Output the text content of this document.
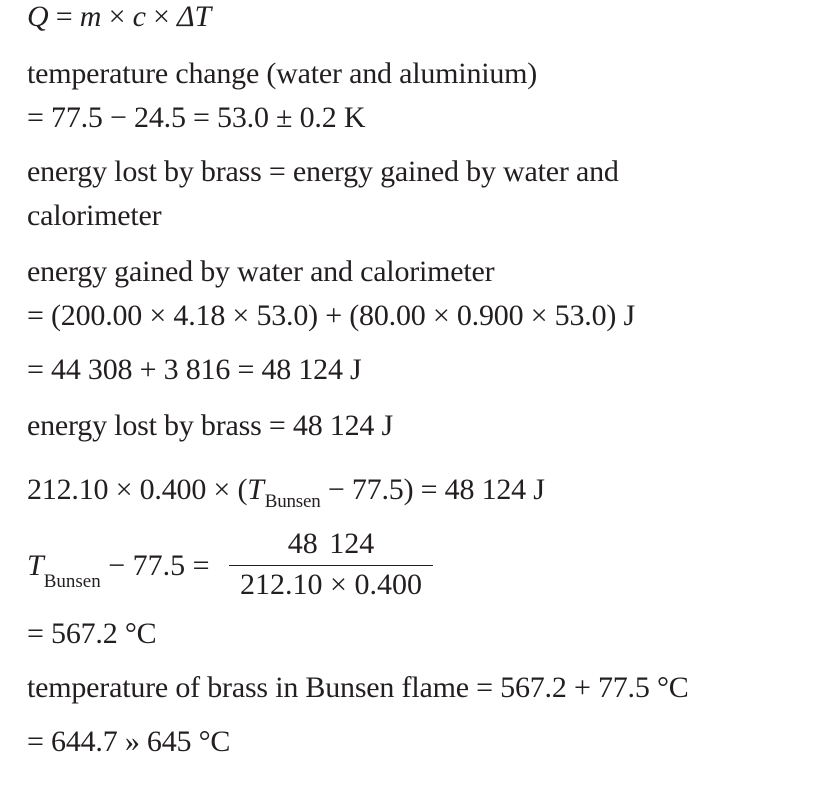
Q = m × c × ΔT
temperature change (water and aluminium)
= 77.5 − 24.5 = 53.0 ± 0.2 K
energy lost by brass = energy gained by water and
calorimeter
energy gained by water and calorimeter
= (200.00 × 4.18 × 53.0) + (80.00 × 0.900 × 53.0) J
= 44 308 + 3 816 = 48 124 J
energy lost by brass = 48 124 J
$212.10 \times 0.400 \times (T_{Bunsen} - 77.5) = 48$ 124 J
$T_{Bunsen} - 77.5$ =
48 124
212.10 × 0.400
= 567.2 °C
temperature of brass in Bunsen flame = 567.2 + 77.5 °C
= 644.7 » 645 °C
